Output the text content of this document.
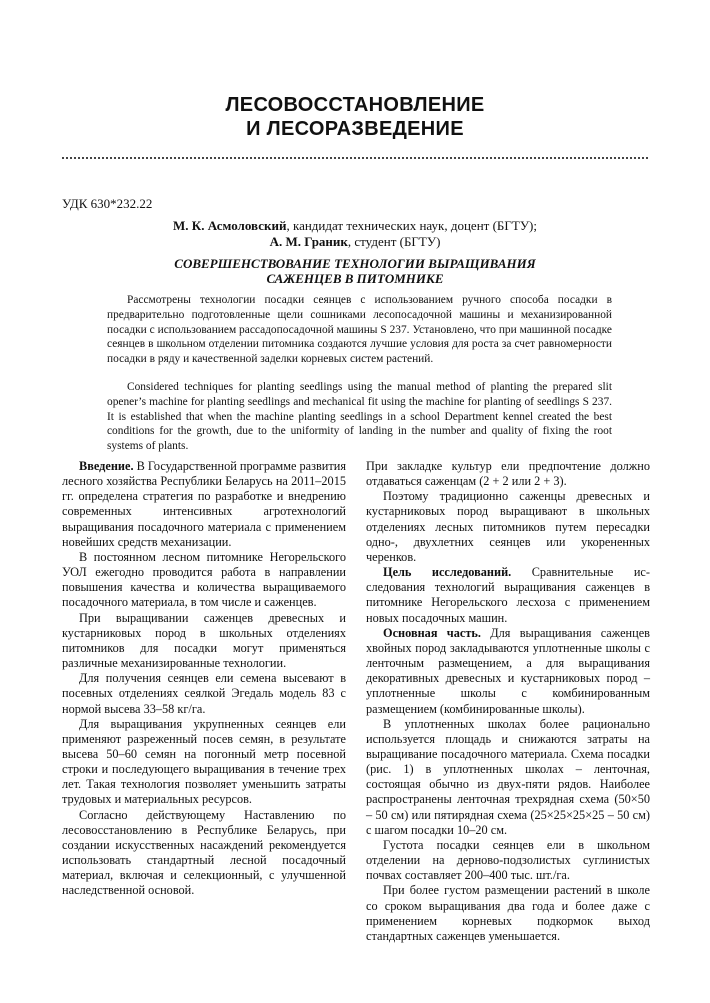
ЛЕСОВОССТАНОВЛЕНИЕ
И ЛЕСОРАЗВЕДЕНИЕ
УДК 630*232.22
М. К. Асмоловский, кандидат технических наук, доцент (БГТУ);
А. М. Граник, студент (БГТУ)
СОВЕРШЕНСТВОВАНИЕ ТЕХНОЛОГИИ ВЫРАЩИВАНИЯ
САЖЕНЦЕВ В ПИТОМНИКЕ

Рассмотрены технологии посадки сеянцев с использованием ручного способа посадки в предварительно подготовленные щели сошниками лесопосадочной машины и механизированной посадки с использованием рассадопосадочной машины S 237. Установлено, что при машинной посадке сеянцев в школьном отделении питомника создаются лучшие условия для роста за счет равномерности посадки в ряду и качественной заделки корневых систем растений.

Considered techniques for planting seedlings using the manual method of planting the prepared slit opener’s machine for planting seedlings and mechanical fit using the machine for planting of seedlings S 237. It is established that when the machine planting seedlings in a school Department kennel created the best conditions for the growth, due to the uniformity of landing in the number and quality of fixing the root systems of plants.

Введение. В Государственной программе развития лесного хозяйства Республики Беларусь на 2011–2015 гг. определена стратегия по разработке и внедрению современных интенсивных агротехнологий выращивания посадочного материала с применением новейших средств механизации.

В постоянном лесном питомнике Негорельского УОЛ ежегодно проводится работа в направлении повышения качества и количества выращиваемого посадочного материала, в том числе и саженцев.

При выращивании саженцев древесных и кустарниковых пород в школьных отделениях питомников для посадки могут применяться различные механизированные технологии.

Для получения сеянцев ели семена высевают в посевных отделениях сеялкой Эгедаль модель 83 с нормой высева 33–58 кг/га.

Для выращивания укрупненных сеянцев ели применяют разреженный посев семян, в результате высева 50–60 семян на погонный метр посевной строки и последующего выращивания в течение трех лет. Такая технология позволяет уменьшить затраты трудовых и материальных ресурсов.

Согласно действующему Наставлению по лесовосстановлению в Республике Беларусь, при создании искусственных насаждений рекомендуется использовать стандартный лесной посадочный материал, включая и селекционный, с улучшенной наследственной основой.

При закладке культур ели предпочтение должно отдаваться саженцам (2 + 2 или 2 + 3).

Поэтому традиционно саженцы древесных и кустарниковых пород выращивают в школьных отделениях лесных питомников путем пересадки одно-, двухлетних сеянцев или укорененных черенков.

Цель исследований. Сравнительные исследования технологий выращивания саженцев в питомнике Негорельского лесхоза с применением новых посадочных машин.

Основная часть. Для выращивания саженцев хвойных пород закладываются уплотненные школы с ленточным размещением, а для выращивания декоративных древесных и кустарниковых пород – уплотненные школы с комбинированным размещением (комбинированные школы).

В уплотненных школах более рационально используется площадь и снижаются затраты на выращивание посадочного материала. Схема посадки (рис. 1) в уплотненных школах – ленточная, состоящая обычно из двух-пяти рядов. Наиболее распространены ленточная трехрядная схема (50×50 – 50 см) или пятирядная схема (25×25×25×25 – 50 см) с шагом посадки 10–20 см.

Густота посадки сеянцев ели в школьном отделении на дерново-подзолистых суглинистых почвах составляет 200–400 тыс. шт./га.

При более густом размещении растений в школе со сроком выращивания два года и более даже с применением корневых подкормок выход стандартных саженцев уменьшается.
